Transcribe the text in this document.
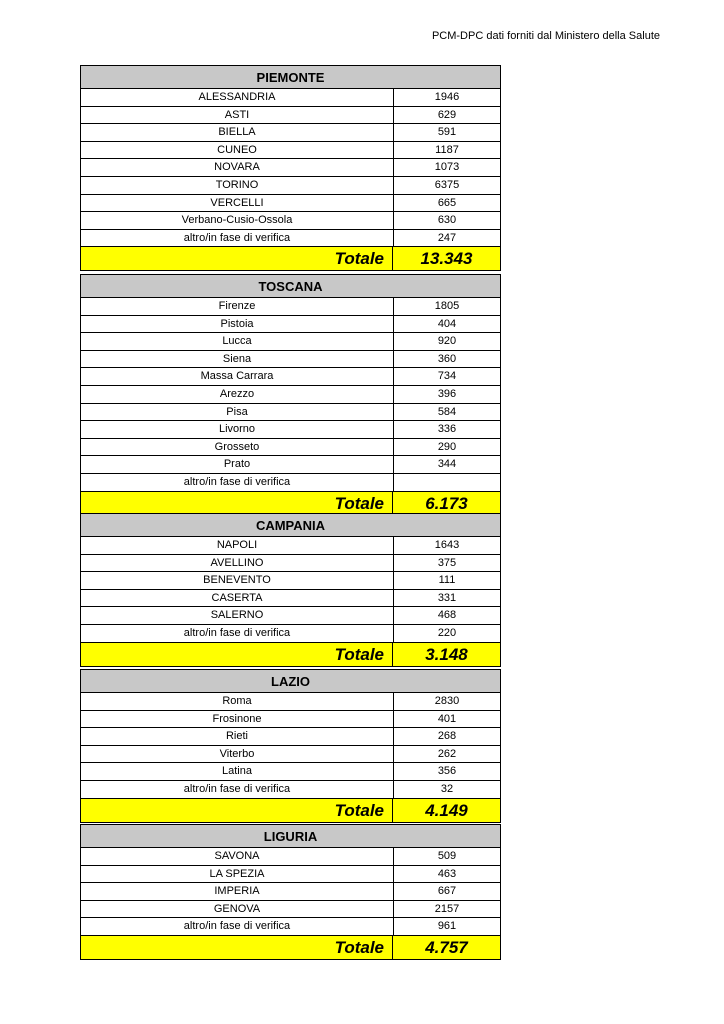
PCM-DPC dati forniti dal Ministero della Salute
PIEMONTE
ALESSANDRIA	1946
ASTI	629
BIELLA	591
CUNEO	1187
NOVARA	1073
TORINO	6375
VERCELLI	665
Verbano-Cusio-Ossola	630
altro/in fase di verifica	247
Totale	13.343
TOSCANA
Firenze	1805
Pistoia	404
Lucca	920
Siena	360
Massa Carrara	734
Arezzo	396
Pisa	584
Livorno	336
Grosseto	290
Prato	344
altro/in fase di verifica
Totale	6.173
CAMPANIA
NAPOLI	1643
AVELLINO	375
BENEVENTO	111
CASERTA	331
SALERNO	468
altro/in fase di verifica	220
Totale	3.148
LAZIO
Roma	2830
Frosinone	401
Rieti	268
Viterbo	262
Latina	356
altro/in fase di verifica	32
Totale	4.149
LIGURIA
SAVONA	509
LA SPEZIA	463
IMPERIA	667
GENOVA	2157
altro/in fase di verifica	961
Totale	4.757
